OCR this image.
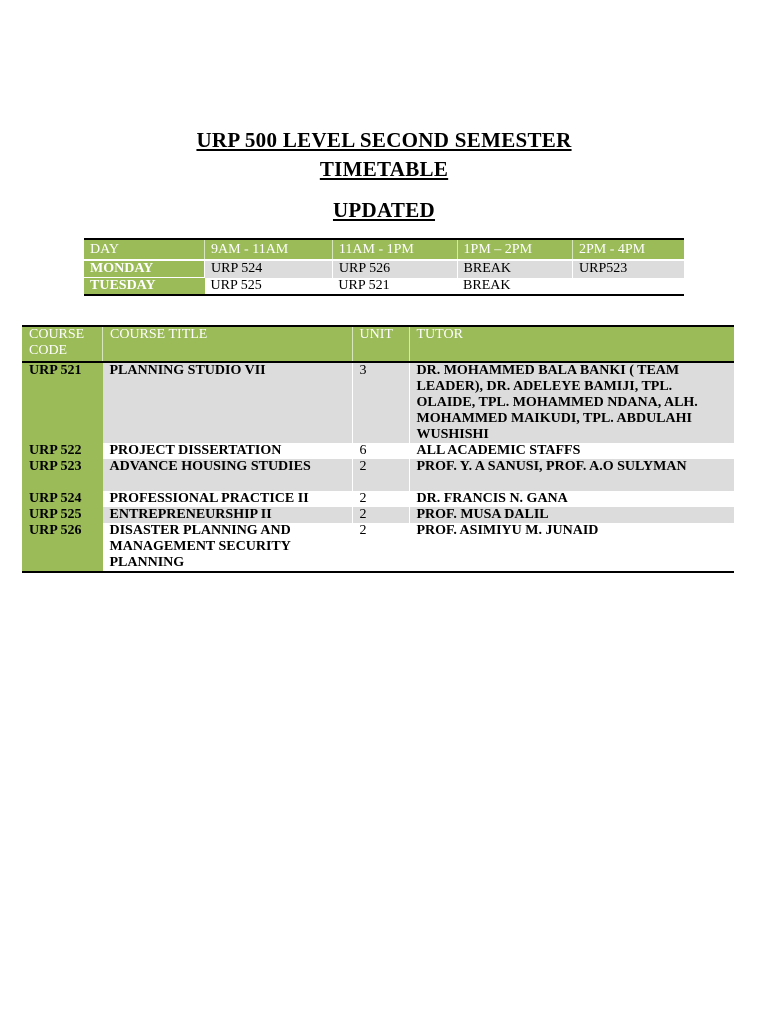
URP 500 LEVEL SECOND SEMESTER
TIMETABLE
UPDATED
DAY	9AM - 11AM	11AM - 1PM	1PM – 2PM	2PM - 4PM
MONDAY	URP 524	URP 526	BREAK	URP523
TUESDAY	URP 525	URP 521	BREAK	
COURSE CODE	COURSE TITLE	UNIT	TUTOR
URP 521	PLANNING STUDIO VII	3	DR. MOHAMMED BALA BANKI ( TEAM LEADER), DR. ADELEYE BAMIJI, TPL. OLAIDE, TPL. MOHAMMED NDANA, ALH. MOHAMMED MAIKUDI, TPL. ABDULAHI WUSHISHI
URP 522	PROJECT DISSERTATION	6	ALL ACADEMIC STAFFS
URP 523	ADVANCE HOUSING STUDIES	2	PROF. Y. A SANUSI, PROF. A.O SULYMAN
URP 524	PROFESSIONAL PRACTICE II	2	DR. FRANCIS N. GANA
URP 525	ENTREPRENEURSHIP II	2	PROF. MUSA DALIL
URP 526	DISASTER PLANNING AND MANAGEMENT SECURITY PLANNING	2	PROF. ASIMIYU M. JUNAID
